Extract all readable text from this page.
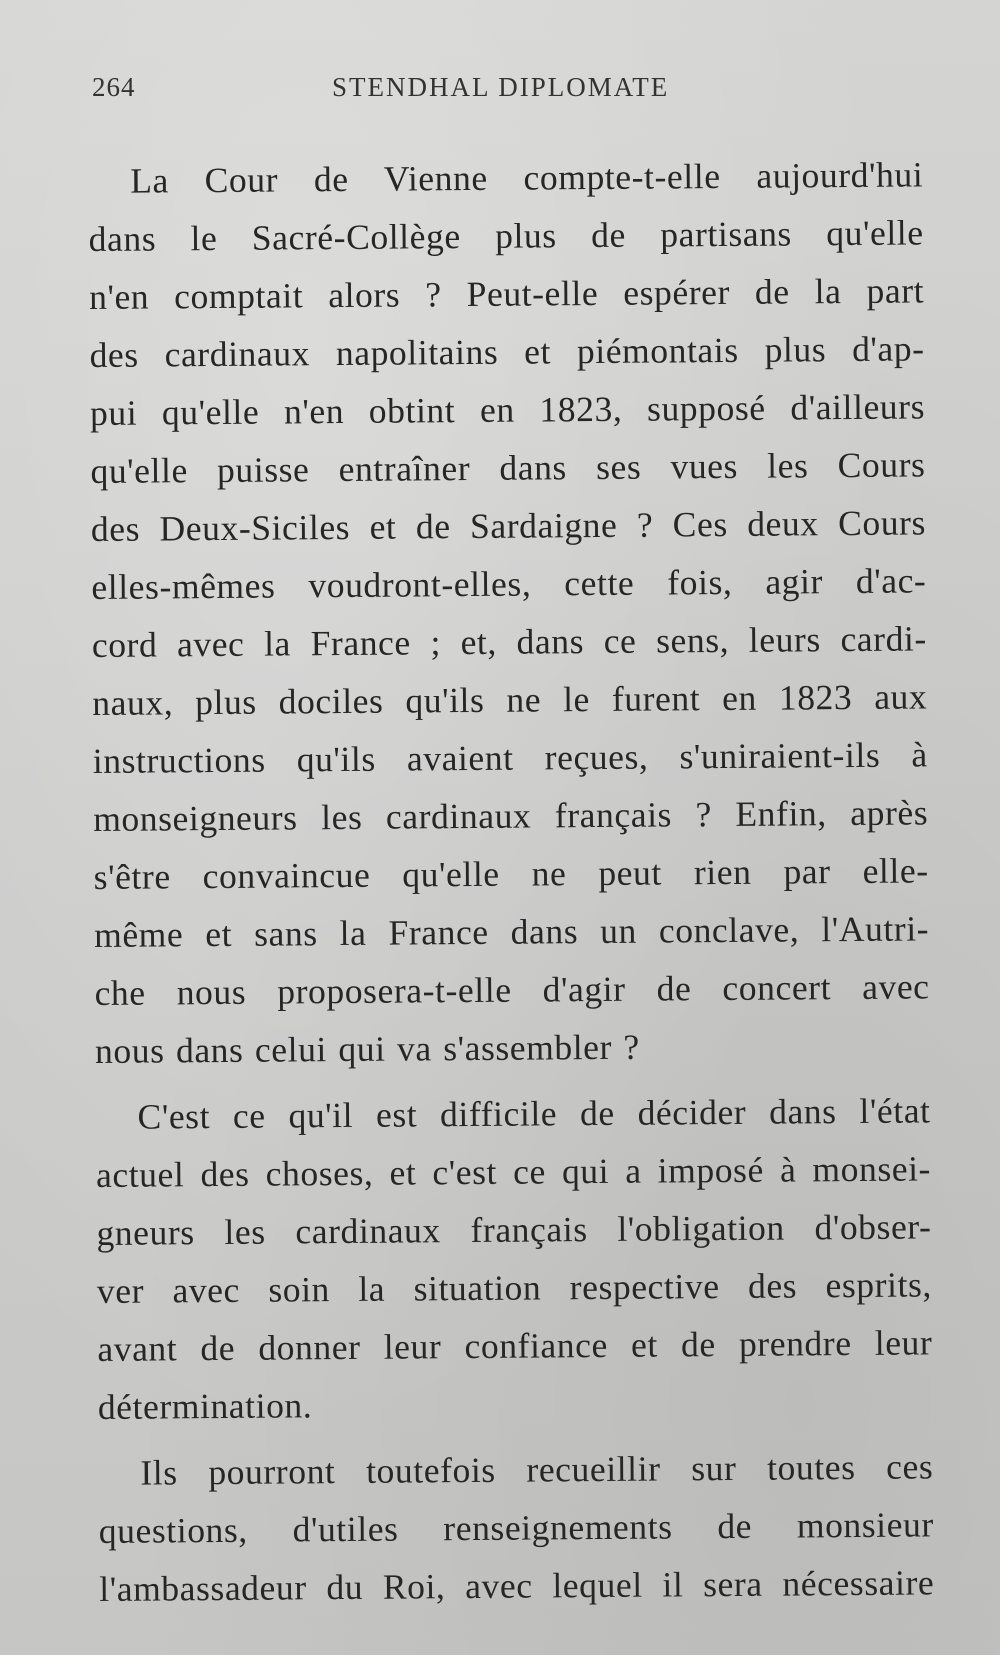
264	STENDHAL DIPLOMATE
La Cour de Vienne compte-t-elle aujourd'hui
dans le Sacré-Collège plus de partisans qu'elle
n'en comptait alors ? Peut-elle espérer de la part
des cardinaux napolitains et piémontais plus d'ap-
pui qu'elle n'en obtint en 1823, supposé d'ailleurs
qu'elle puisse entraîner dans ses vues les Cours
des Deux-Siciles et de Sardaigne ? Ces deux Cours
elles-mêmes voudront-elles, cette fois, agir d'ac-
cord avec la France ; et, dans ce sens, leurs cardi-
naux, plus dociles qu'ils ne le furent en 1823 aux
instructions qu'ils avaient reçues, s'uniraient-ils à
monseigneurs les cardinaux français ? Enfin, après
s'être convaincue qu'elle ne peut rien par elle-
même et sans la France dans un conclave, l'Autri-
che nous proposera-t-elle d'agir de concert avec
nous dans celui qui va s'assembler ?
C'est ce qu'il est difficile de décider dans l'état
actuel des choses, et c'est ce qui a imposé à monsei-
gneurs les cardinaux français l'obligation d'obser-
ver avec soin la situation respective des esprits,
avant de donner leur confiance et de prendre leur
détermination.
Ils pourront toutefois recueillir sur toutes ces
questions, d'utiles renseignements de monsieur
l'ambassadeur du Roi, avec lequel il sera nécessaire
